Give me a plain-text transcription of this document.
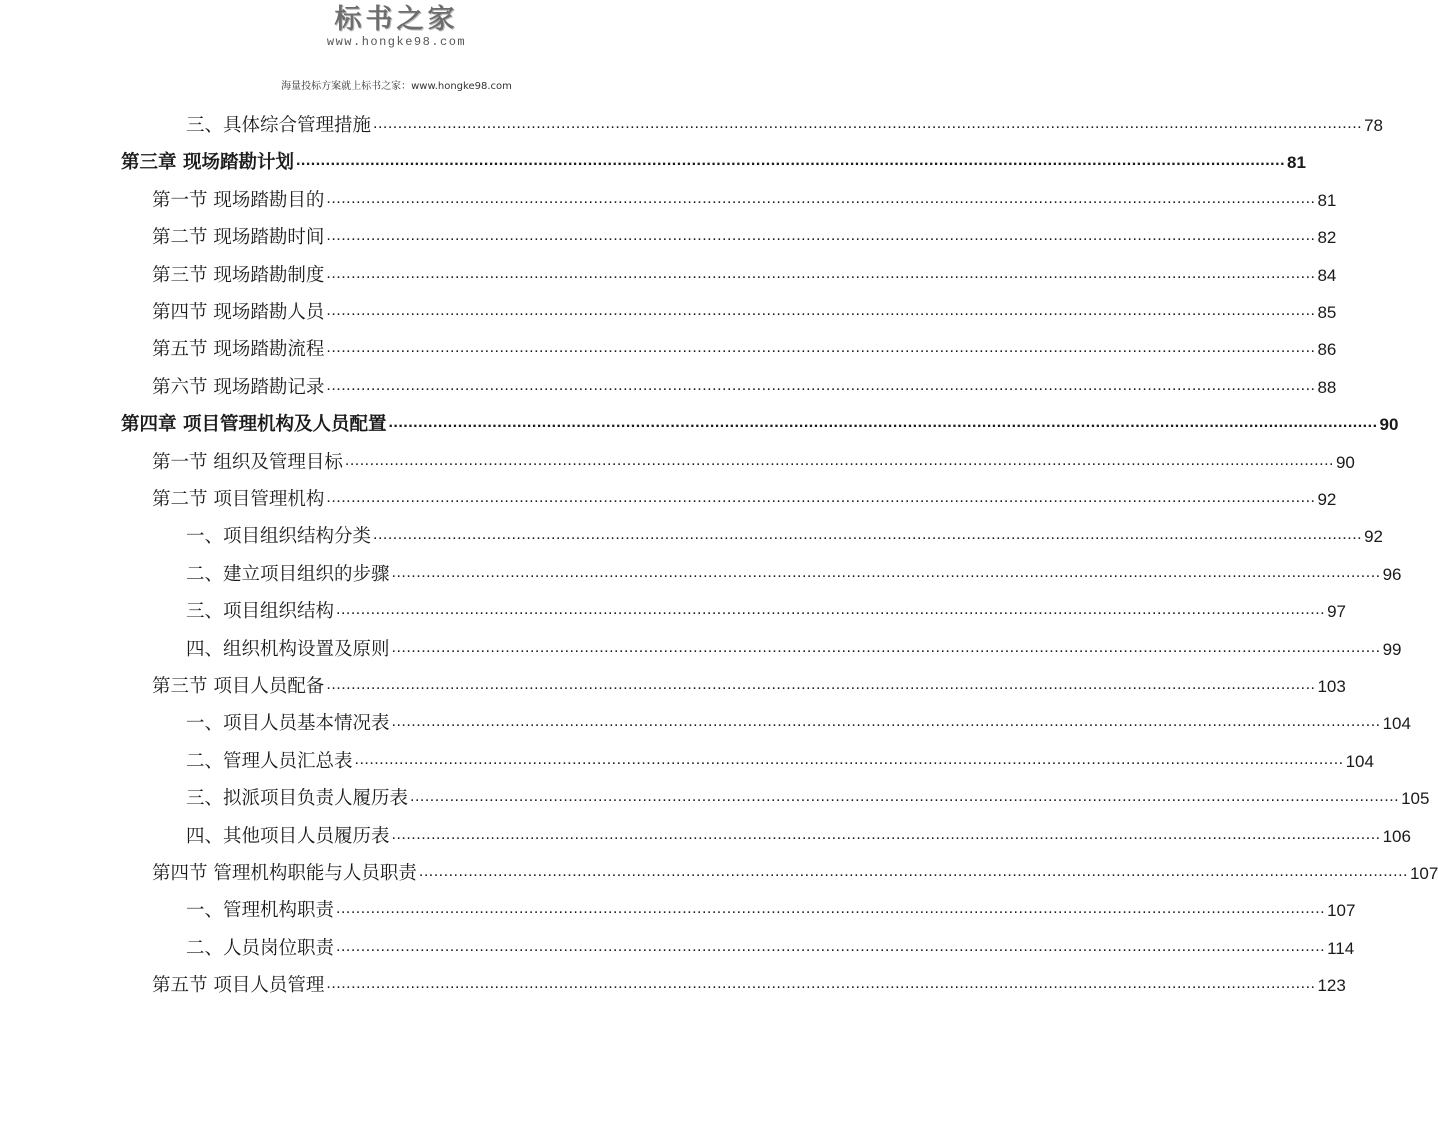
标书之家
www.hongke98.com
海量投标方案就上标书之家：www.hongke98.com
三、具体综合管理措施 ........................................................................................................................................................................................................ 78
第三章 现场踏勘计划 ........................................................................................................................................................................................................ 81
第一节 现场踏勘目的 ........................................................................................................................................................................................................ 81
第二节 现场踏勘时间 ........................................................................................................................................................................................................ 82
第三节 现场踏勘制度 ........................................................................................................................................................................................................ 84
第四节 现场踏勘人员 ........................................................................................................................................................................................................ 85
第五节 现场踏勘流程 ........................................................................................................................................................................................................ 86
第六节 现场踏勘记录 ........................................................................................................................................................................................................ 88
第四章 项目管理机构及人员配置 ........................................................................................................................................................................................................ 90
第一节 组织及管理目标 ........................................................................................................................................................................................................ 90
第二节 项目管理机构 ........................................................................................................................................................................................................ 92
一、项目组织结构分类 ........................................................................................................................................................................................................ 92
二、建立项目组织的步骤 ........................................................................................................................................................................................................ 96
三、项目组织结构 ........................................................................................................................................................................................................ 97
四、组织机构设置及原则 ........................................................................................................................................................................................................ 99
第三节 项目人员配备 ........................................................................................................................................................................................................ 103
一、项目人员基本情况表 ........................................................................................................................................................................................................ 104
二、管理人员汇总表 ........................................................................................................................................................................................................ 104
三、拟派项目负责人履历表 ........................................................................................................................................................................................................ 105
四、其他项目人员履历表 ........................................................................................................................................................................................................ 106
第四节 管理机构职能与人员职责 ........................................................................................................................................................................................................ 107
一、管理机构职责 ........................................................................................................................................................................................................ 107
二、人员岗位职责 ........................................................................................................................................................................................................ 114
第五节 项目人员管理 ........................................................................................................................................................................................................ 123
